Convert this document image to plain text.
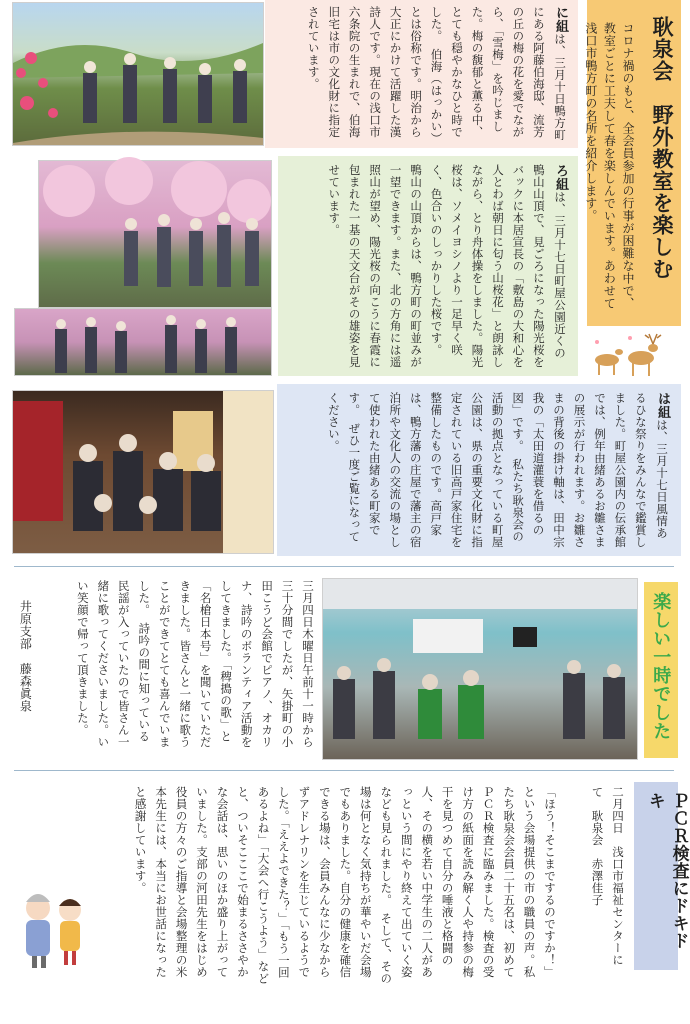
耿泉会　野外教室を楽しむ
コロナ禍のもと、全会員参加の行事が困難な中で、教室ごとに工夫して春を楽しんでいます。あわせて浅口市鴨方町の名所を紹介します。
に組は、三月十日鴨方町にある阿藤伯海邸、流芳の丘の梅の花を愛でながら、「雪梅」を吟じました。梅の馥郁と薫る中、とても穏やかなひと時でした。　伯海（はっかい）とは俗称です。明治から大正にかけて活躍した漢詩人です。現在の浅口市六条院の生まれで、伯海旧宅は市の文化財に指定されています。
ろ組は、三月十七日町屋公園近くの鴨山山頂で、見ごろになった陽光桜をバックに本居宣長の「敷島の大和心を人とわば朝日に匂う山桜花」と朗詠しながら、とり舟体操をしました。陽光桜は、ソメイヨシノより一足早く咲く、色合いのしっかりした桜です。　鴨山の山頂からは、鴨方町の町並みが一望できます。また、北の方角には遥照山が望め、陽光桜の向こうに春霞に包まれた一基の天文台がその雄姿を見せています。
は組は、三月十七日風情あるひな祭りをみんなで鑑賞しました。町屋公園内の伝承館では、例年由緒あるお雛さまの展示が行われます。お雛さまの背後の掛け軸は、田中宗我の「太田道灌蓑を借るの図」です。　私たち耿泉会の活動の拠点となっている町屋公園は、県の重要文化財に指定されている旧高戸家住宅を整備したものです。高戸家は、鴨方藩の庄屋で藩主の宿泊所や文化人の交流の場として使われた由緒ある町家です。　ぜひ一度ご覧になってください。
楽しい一時でした
三月四日木曜日午前十一時から三十分間でしたが、矢掛町の小田こうど会館でピアノ、オカリナ、詩吟のボランティア活動をしてきました。「稗搗の歌」と「名槍日本号」を聞いていただきました。皆さんと一緒に歌うことができてとても喜んでいました。　詩吟の間に知っている民謡が入っていたので皆さん一緒に歌ってくださいました。い い笑顔で帰って頂きました。
井原支部　藤森眞泉
ＰＣＲ検査にドキドキ
二月四日　浅口市福祉センターにて　耿泉会　赤澤佳子
「ほう！そこまでするのですか！」という会場提供の市の職員の声。私たち耿泉会会員二十五名は、初めてＰＣＲ検査に臨みました。検査の受け方の紙面を読み解く人や持参の梅干を見つめて自分の唾液と格闘の人、その横を若い中学生の二人があっという間にやり終えて出ていく姿なども見られました。　そして、その場は何となく気持ちが華やいだ会場でもありました。自分の健康を確信できる場は、会員みんなに少なからずアドレナリンを生じているようでした。「ええよできた？」「もう一回あるよね」「大会へ行こうよう」などと、ついそこここで始まるささやかな会話は、思いのほか盛り上がっていました。支部の河田先生をはじめ役員の方々のご指導と会場整理の米本先生には、本当にお世話になったと感謝しています。
